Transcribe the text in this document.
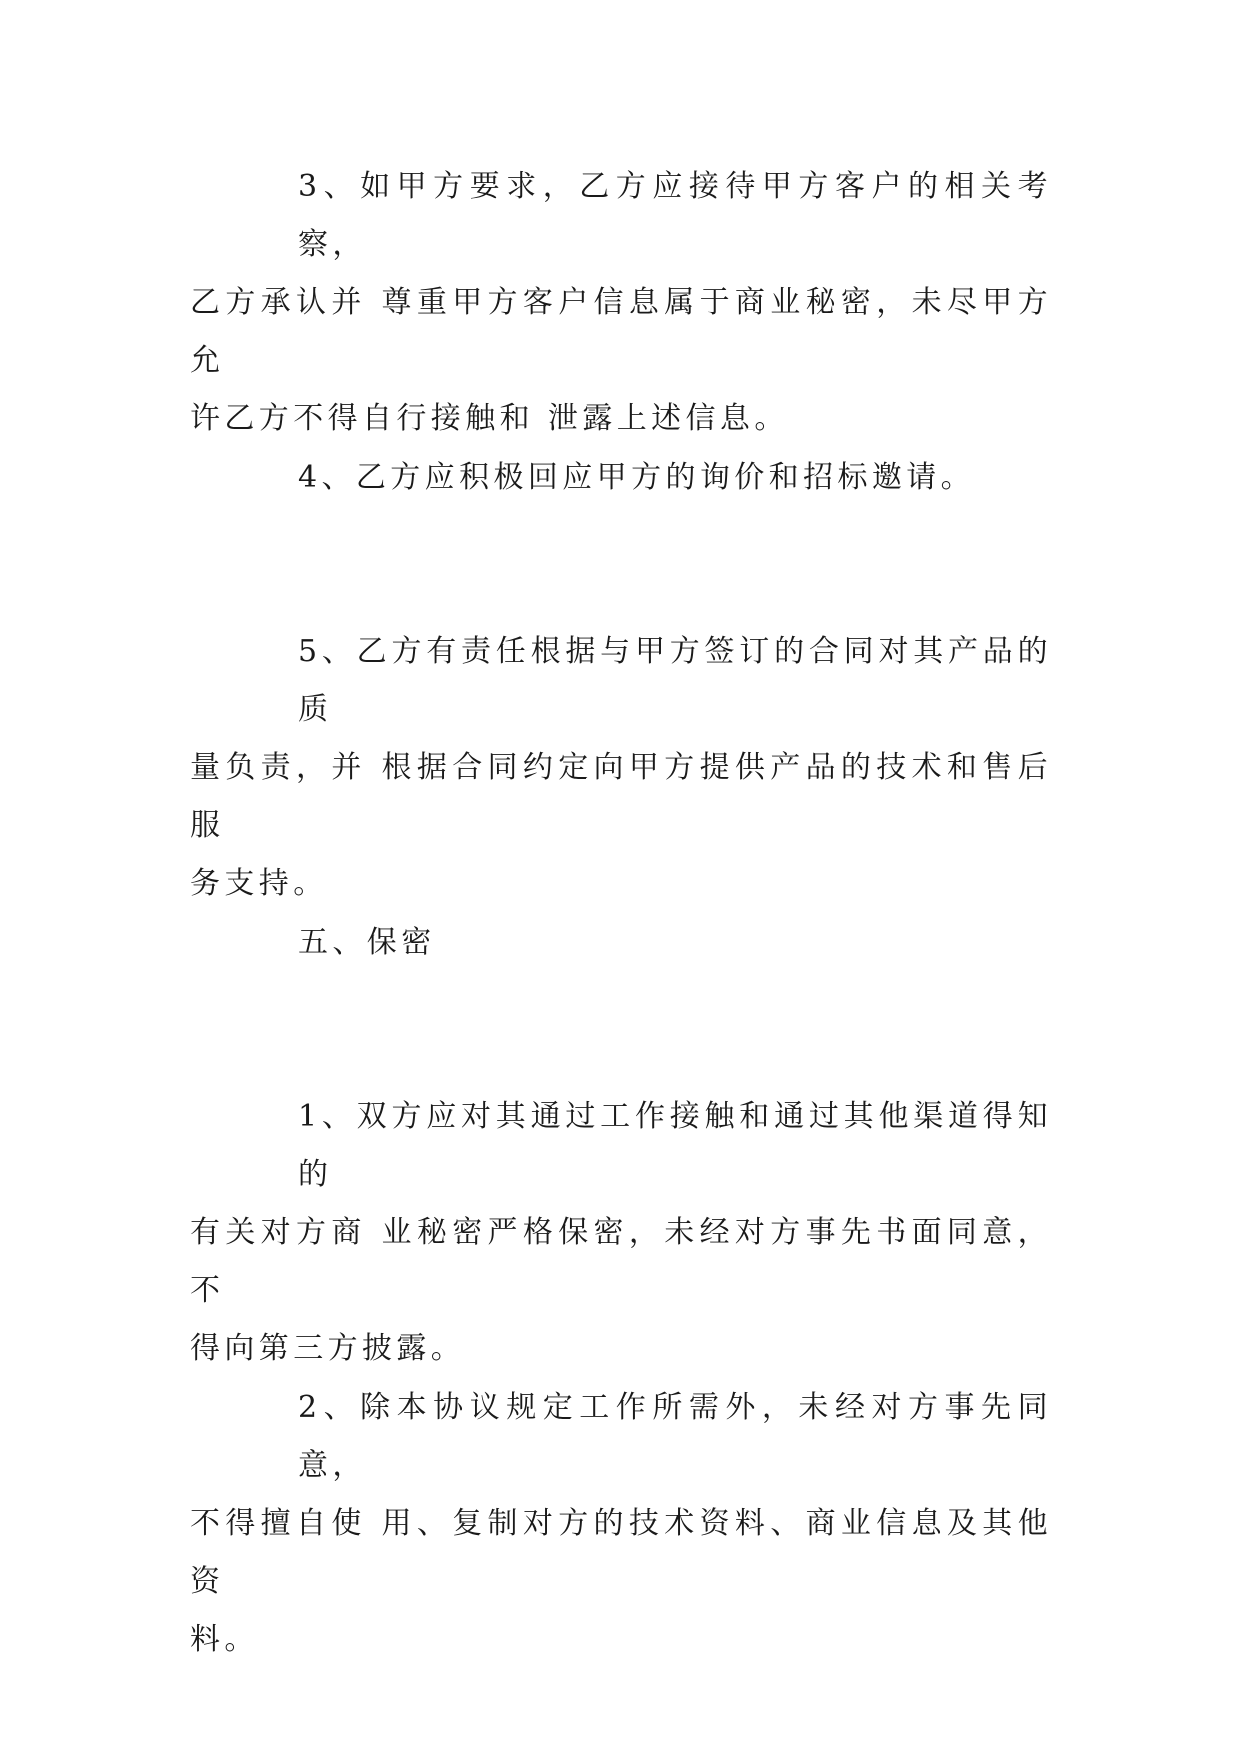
3、如甲方要求，乙方应接待甲方客户的相关考察，
乙方承认并 尊重甲方客户信息属于商业秘密，未尽甲方允
许乙方不得自行接触和 泄露上述信息。
4、乙方应积极回应甲方的询价和招标邀请。
5、乙方有责任根据与甲方签订的合同对其产品的质
量负责，并 根据合同约定向甲方提供产品的技术和售后服
务支持。
五、保密
1、双方应对其通过工作接触和通过其他渠道得知的
有关对方商 业秘密严格保密，未经对方事先书面同意，不
得向第三方披露。
2、除本协议规定工作所需外，未经对方事先同意，
不得擅自使 用、复制对方的技术资料、商业信息及其他资
料。
